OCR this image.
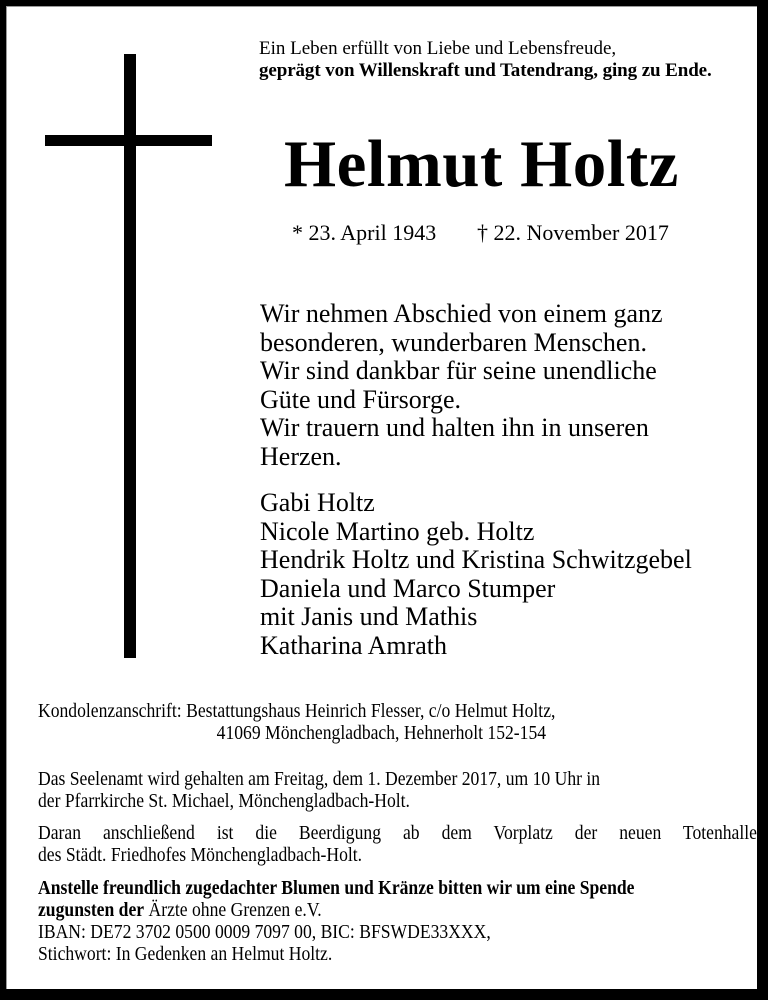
Ein Leben erfüllt von Liebe und Lebensfreude,
geprägt von Willenskraft und Tatendrang, ging zu Ende.
Helmut Holtz
* 23. April 1943 † 22. November 2017
Wir nehmen Abschied von einem ganz
besonderen, wunderbaren Menschen.
Wir sind dankbar für seine unendliche
Güte und Fürsorge.
Wir trauern und halten ihn in unseren
Herzen.
Gabi Holtz
Nicole Martino geb. Holtz
Hendrik Holtz und Kristina Schwitzgebel
Daniela und Marco Stumper
mit Janis und Mathis
Katharina Amrath
Kondolenzanschrift: Bestattungshaus Heinrich Flesser, c/o Helmut Holtz,
41069 Mönchengladbach, Hehnerholt 152-154

Das Seelenamt wird gehalten am Freitag, dem 1. Dezember 2017, um 10 Uhr in
der Pfarrkirche St. Michael, Mönchengladbach-Holt.

Daran anschließend ist die Beerdigung ab dem Vorplatz der neuen Totenhalle
des Städt. Friedhofes Mönchengladbach-Holt.

Anstelle freundlich zugedachter Blumen und Kränze bitten wir um eine Spende
zugunsten der Ärzte ohne Grenzen e.V.
IBAN: DE72 3702 0500 0009 7097 00, BIC: BFSWDE33XXX,
Stichwort: In Gedenken an Helmut Holtz.
